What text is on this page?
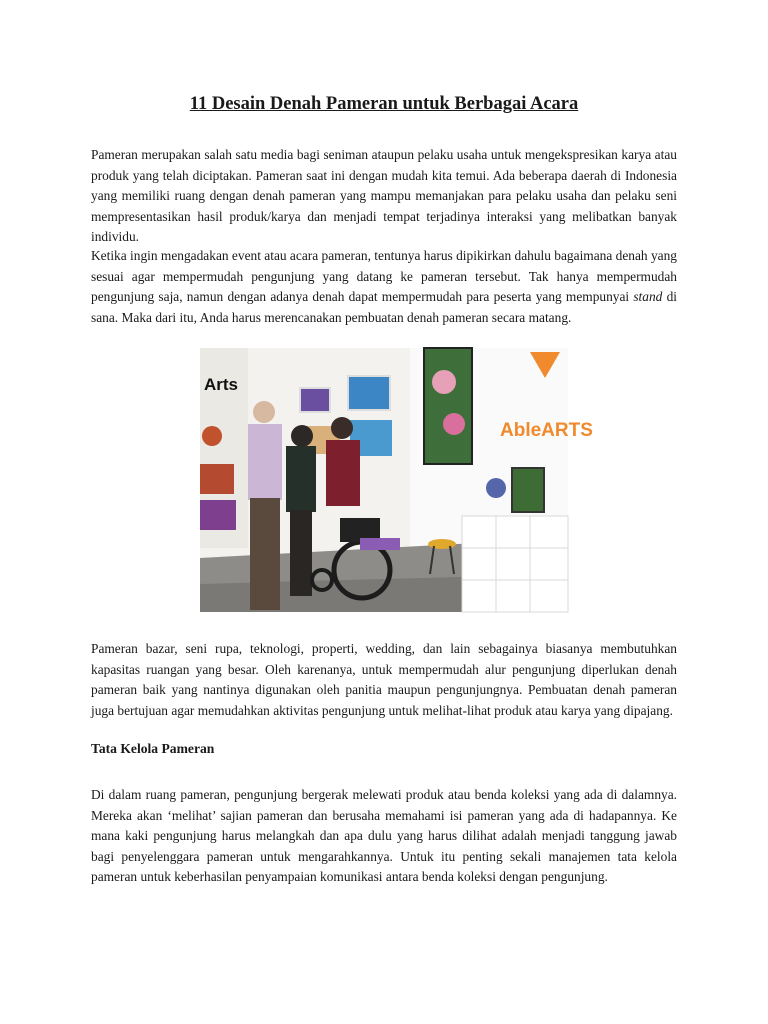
11 Desain Denah Pameran untuk Berbagai Acara

Pameran merupakan salah satu media bagi seniman ataupun pelaku usaha untuk mengekspresikan karya atau produk yang telah diciptakan. Pameran saat ini dengan mudah kita temui. Ada beberapa daerah di Indonesia yang memiliki ruang dengan denah pameran yang mampu memanjakan para pelaku usaha dan pelaku seni mempresentasikan hasil produk/karya dan menjadi tempat terjadinya interaksi yang melibatkan banyak individu.

Ketika ingin mengadakan event atau acara pameran, tentunya harus dipikirkan dahulu bagaimana denah yang sesuai agar mempermudah pengunjung yang datang ke pameran tersebut. Tak hanya mempermudah pengunjung saja, namun dengan adanya denah dapat mempermudah para peserta yang mempunyai stand di sana. Maka dari itu, Anda harus merencanakan pembuatan denah pameran secara matang.

Arts
AbleARTS

Pameran bazar, seni rupa, teknologi, properti, wedding, dan lain sebagainya biasanya membutuhkan kapasitas ruangan yang besar. Oleh karenanya, untuk mempermudah alur pengunjung diperlukan denah pameran baik yang nantinya digunakan oleh panitia maupun pengunjungnya. Pembuatan denah pameran juga bertujuan agar memudahkan aktivitas pengunjung untuk melihat-lihat produk atau karya yang dipajang.

Tata Kelola Pameran

Di dalam ruang pameran, pengunjung bergerak melewati produk atau benda koleksi yang ada di dalamnya. Mereka akan ‘melihat’ sajian pameran dan berusaha memahami isi pameran yang ada di hadapannya. Ke mana kaki pengunjung harus melangkah dan apa dulu yang harus dilihat adalah menjadi tanggung jawab bagi penyelenggara pameran untuk mengarahkannya. Untuk itu penting sekali manajemen tata kelola pameran untuk keberhasilan penyampaian komunikasi antara benda koleksi dengan pengunjung.
